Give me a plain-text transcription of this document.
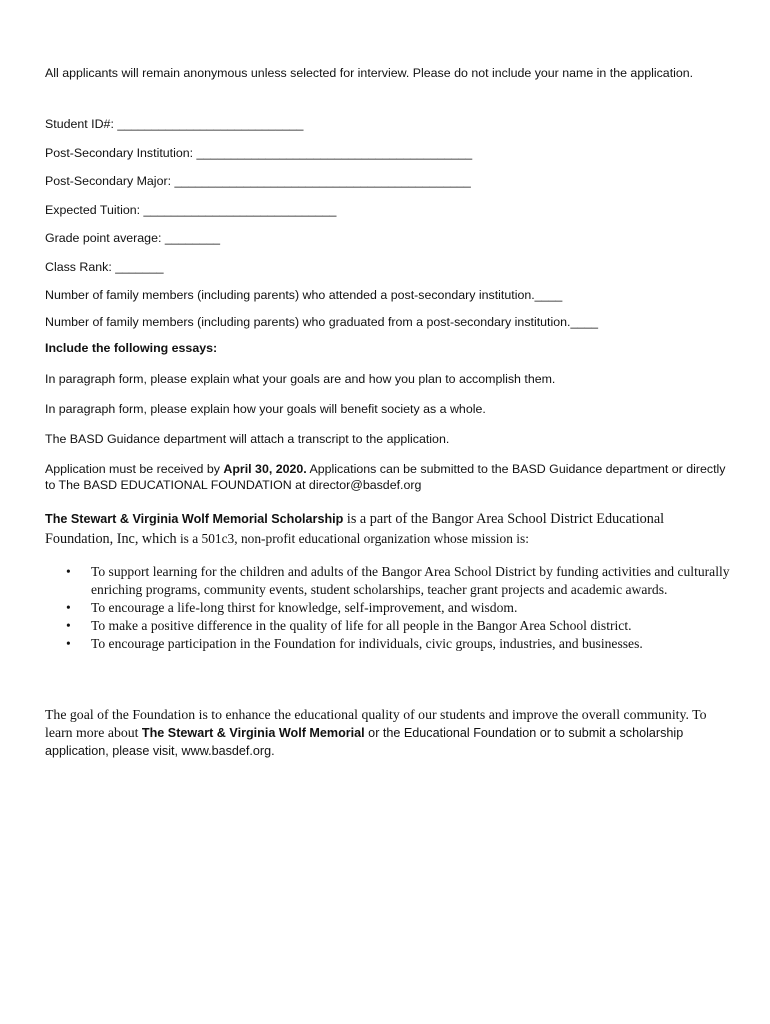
All applicants will remain anonymous unless selected for interview. Please do not include your name in the application.

Student ID#: ___________________________

Post-Secondary Institution: ________________________________________

Post-Secondary Major: ___________________________________________

Expected Tuition: ____________________________

Grade point average: ________

Class Rank: _______

Number of family members (including parents) who attended a post-secondary institution.____

Number of family members (including parents) who graduated from a post-secondary institution.____

Include the following essays:

In paragraph form, please explain what your goals are and how you plan to accomplish them.

In paragraph form, please explain how your goals will benefit society as a whole.

The BASD Guidance department will attach a transcript to the application.

Application must be received by April 30, 2020. Applications can be submitted to the BASD Guidance department or directly to The BASD EDUCATIONAL FOUNDATION at director@basdef.org

The Stewart & Virginia Wolf Memorial Scholarship is a part of the Bangor Area School District Educational Foundation, Inc, which is a 501c3, non-profit educational organization whose mission is:

• To support learning for the children and adults of the Bangor Area School District by funding activities and culturally enriching programs, community events, student scholarships, teacher grant projects and academic awards.
• To encourage a life-long thirst for knowledge, self-improvement, and wisdom.
• To make a positive difference in the quality of life for all people in the Bangor Area School district.
• To encourage participation in the Foundation for individuals, civic groups, industries, and businesses.

The goal of the Foundation is to enhance the educational quality of our students and improve the overall community. To learn more about The Stewart & Virginia Wolf Memorial or the Educational Foundation or to submit a scholarship application, please visit, www.basdef.org.
